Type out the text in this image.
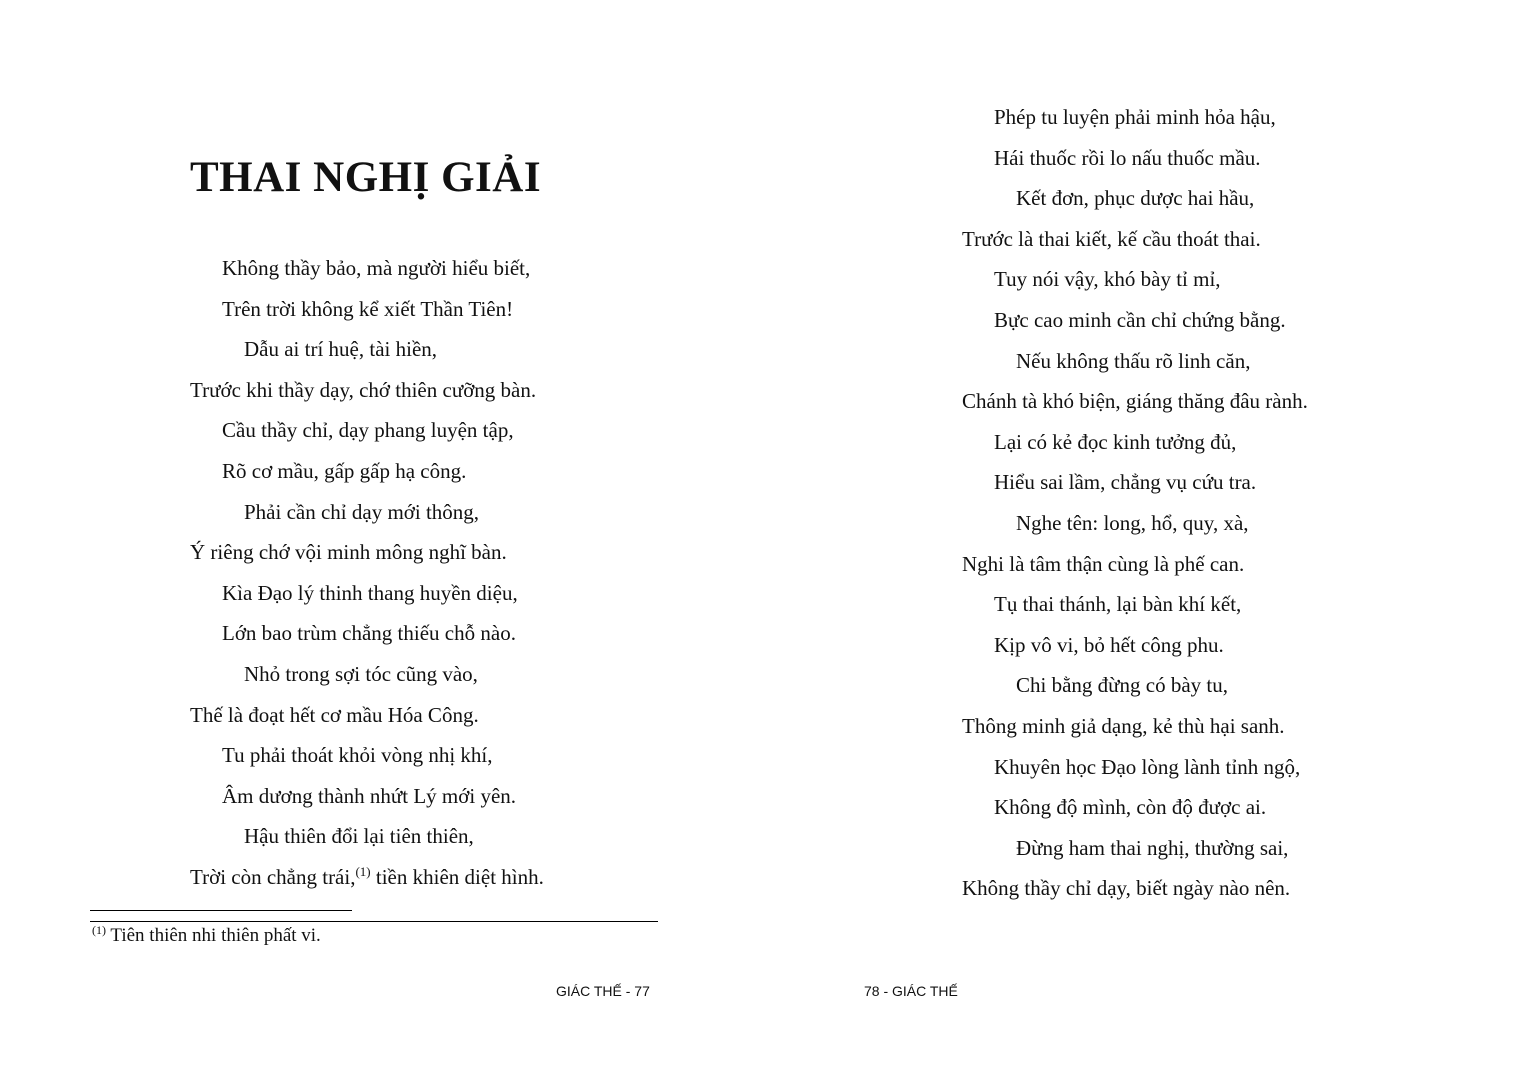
THAI NGHỊ GIẢI
Không thầy bảo, mà người hiểu biết,
Trên trời không kể xiết Thần Tiên!
Dẫu ai trí huệ, tài hiền,
Trước khi thầy dạy, chớ thiên cưỡng bàn.
Cầu thầy chỉ, dạy phang luyện tập,
Rõ cơ mầu, gấp gấp hạ công.
Phải cần chỉ dạy mới thông,
Ý riêng chớ vội minh mông nghĩ bàn.
Kìa Đạo lý thinh thang huyền diệu,
Lớn bao trùm chẳng thiếu chỗ nào.
Nhỏ trong sợi tóc cũng vào,
Thế là đoạt hết cơ mầu Hóa Công.
Tu phải thoát khỏi vòng nhị khí,
Âm dương thành nhứt Lý mới yên.
Hậu thiên đổi lại tiên thiên,
Trời còn chẳng trái,$^{(1)}$ tiền khiên diệt hình.
$^{(1)}$ Tiên thiên nhi thiên phất vi.
GIÁC THẾ - 77
Phép tu luyện phải minh hỏa hậu,
Hái thuốc rồi lo nấu thuốc mầu.
Kết đơn, phục dược hai hầu,
Trước là thai kiết, kế cầu thoát thai.
Tuy nói vậy, khó bày tỉ mỉ,
Bực cao minh cần chỉ chứng bằng.
Nếu không thấu rõ linh căn,
Chánh tà khó biện, giáng thăng đâu rành.
Lại có kẻ đọc kinh tưởng đủ,
Hiểu sai lầm, chẳng vụ cứu tra.
Nghe tên: long, hổ, quy, xà,
Nghi là tâm thận cùng là phế can.
Tụ thai thánh, lại bàn khí kết,
Kịp vô vi, bỏ hết công phu.
Chi bằng đừng có bày tu,
Thông minh giả dạng, kẻ thù hại sanh.
Khuyên học Đạo lòng lành tỉnh ngộ,
Không độ mình, còn độ được ai.
Đừng ham thai nghị, thường sai,
Không thầy chỉ dạy, biết ngày nào nên.
78 - GIÁC THẾ
